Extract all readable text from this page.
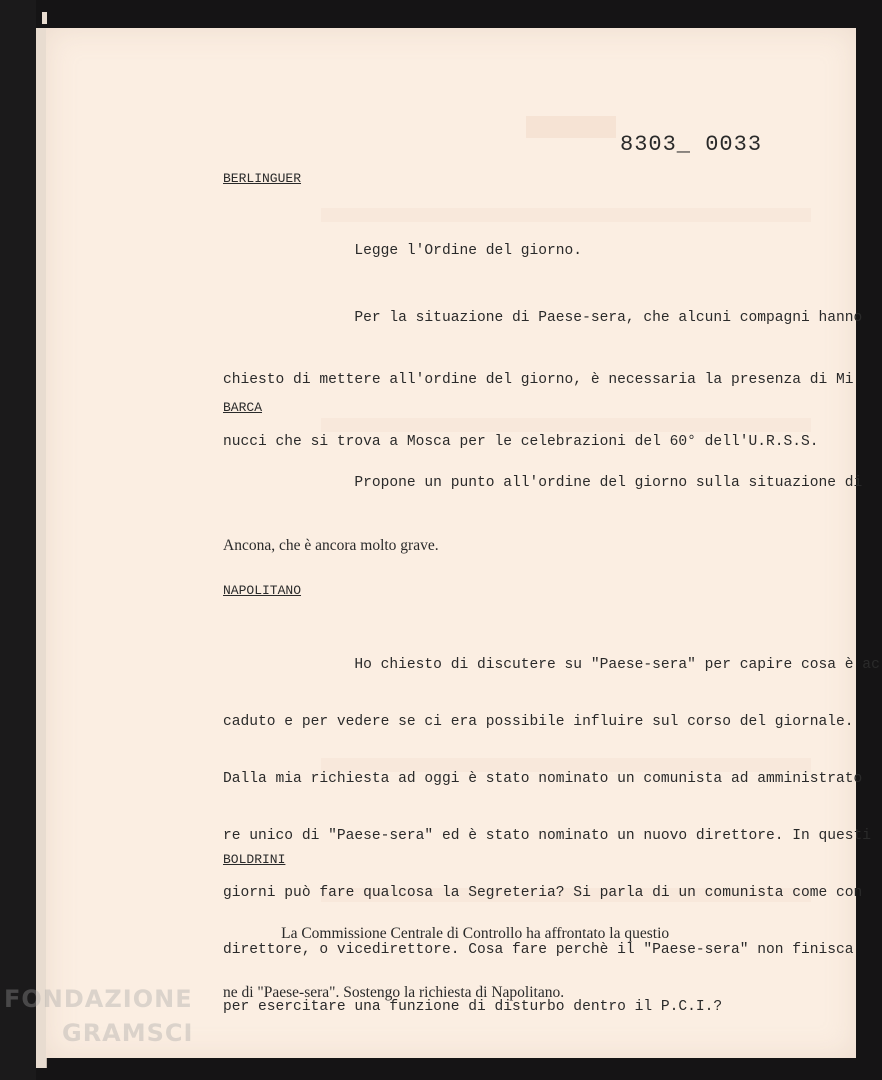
8303_ 0033
BERLINGUER

Legge l'Ordine del giorno.

Per la situazione di Paese-sera, che alcuni compagni hanno

chiesto di mettere all'ordine del giorno, è necessaria la presenza di Mi

nucci che si trova a Mosca per le celebrazioni del 60° dell'U.R.S.S.

BARCA

Propone un punto all'ordine del giorno sulla situazione di

Ancona, che è ancora molto grave.

NAPOLITANO

Ho chiesto di discutere su "Paese-sera" per capire cosa è ac

caduto e per vedere se ci era possibile influire sul corso del giornale.

Dalla mia richiesta ad oggi è stato nominato un comunista ad amministrato

re unico di "Paese-sera" ed è stato nominato un nuovo direttore. In questi

giorni può fare qualcosa la Segreteria? Si parla di un comunista come con

direttore, o vicedirettore. Cosa fare perchè il "Paese-sera" non finisca

per esercitare una funzione di disturbo dentro il P.C.I.?

BOLDRINI

La Commissione Centrale di Controllo ha affrontato la questio

ne di "Paese-sera". Sostengo la richiesta di Napolitano.

FONDAZIONE
GRAMSCI
